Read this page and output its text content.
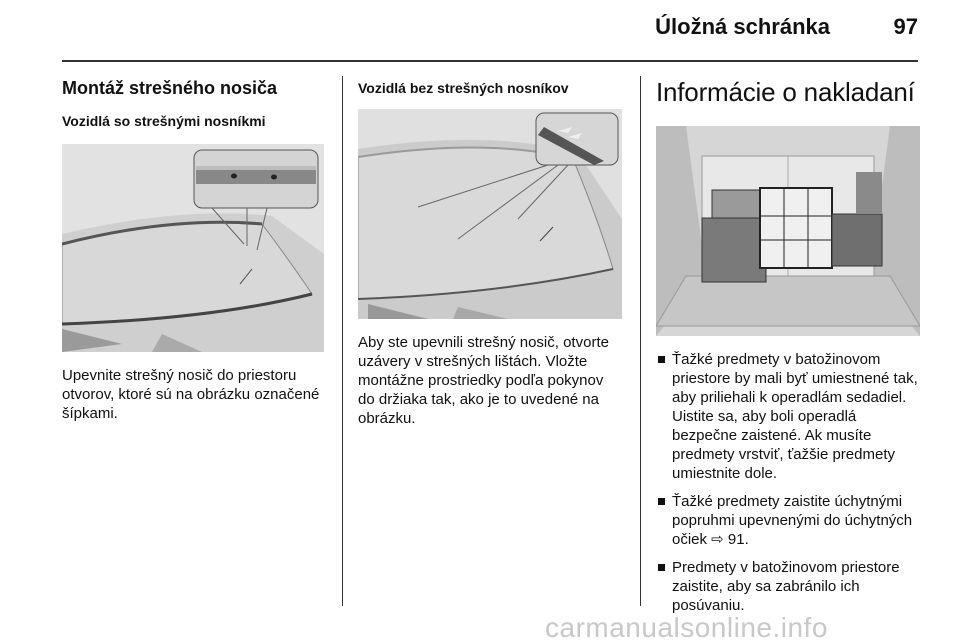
Úložná schránka	97
Montáž strešného nosiča
Vozidlá so strešnými nosníkmi

Upevnite strešný nosič do priestoru otvorov, ktoré sú na obrázku označené šípkami.

Vozidlá bez strešných nosníkov

Aby ste upevnili strešný nosič, otvorte uzávery v strešných lištách. Vložte montážne prostriedky podľa pokynov do držiaka tak, ako je to uvedené na obrázku.

Informácie o nakladaní
Ťažké predmety v batožinovom priestore by mali byť umiestnené tak, aby priliehali k operadlám sedadiel. Uistite sa, aby boli operadlá bezpečne zaistené. Ak musíte predmety vrstviť, ťažšie predmety umiestnite dole.
Ťažké predmety zaistite úchytnými popruhmi upevnenými do úchytných očiek ⇨ 91.
Predmety v batožinovom priestore zaistite, aby sa zabránilo ich posúvaniu.
carmanualsonline.info
